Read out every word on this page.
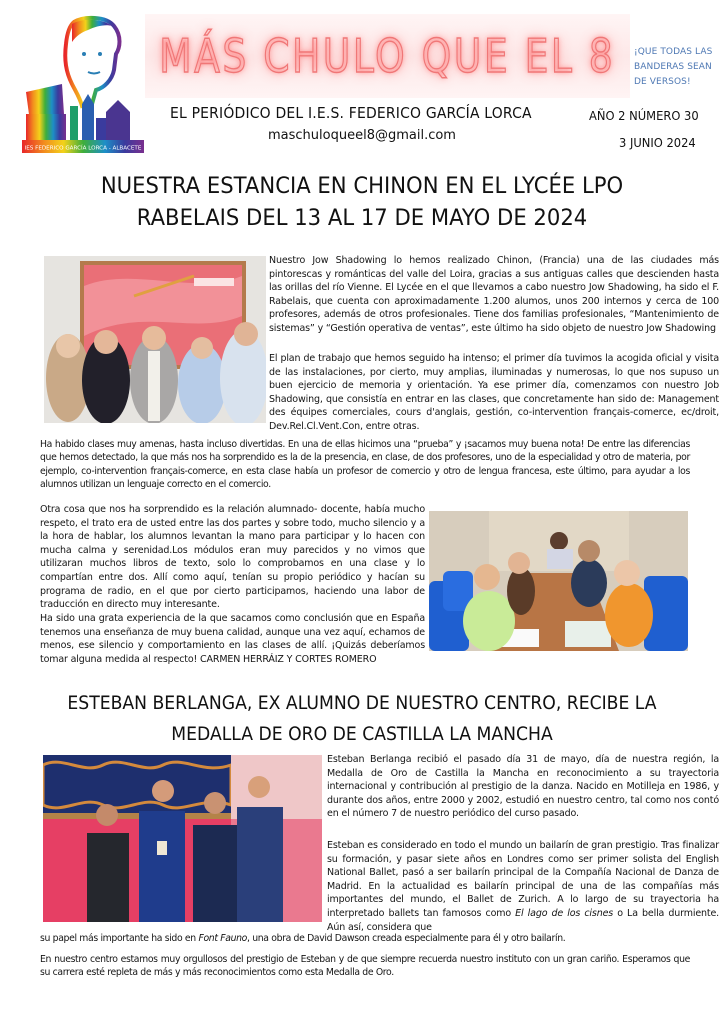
IES FEDERICO GARCÍA LORCA - ALBACETE
MÁS CHULO QUE EL 8 ¡QUE TODAS LAS
BANDERAS SEAN
DE VERSOS!
EL PERIÓDICO DEL I.E.S. FEDERICO GARCÍA LORCA
maschuloqueel8@gmail.com
AÑO 2 NÚMERO 30
3 JUNIO 2024
NUESTRA ESTANCIA EN CHINON EN EL LYCÉE LPO
RABELAIS DEL 13 AL 17 DE MAYO DE 2024
Nuestro Jow Shadowing lo hemos realizado Chinon, (Francia) una de las ciudades más pintorescas y románticas del valle del Loira, gracias a sus antiguas calles que descienden hasta las orillas del río Vienne. El Lycée en el que llevamos a cabo nuestro Jow Shadowing, ha sido el F. Rabelais, que cuenta con aproximadamente 1.200 alumos, unos 200 internos y cerca de 100 profesores, además de otros profesionales. Tiene dos familias profesionales, “Mantenimiento de sistemas” y “Gestión operativa de ventas”, este último ha sido objeto de nuestro Jow Shadowing
El plan de trabajo que hemos seguido ha intenso; el primer día tuvimos la acogida oficial y visita de las instalaciones, por cierto, muy amplias, iluminadas y numerosas, lo que nos supuso un buen ejercicio de memoria y orientación. Ya ese primer día, comenzamos con nuestro Job Shadowing, que consistía en entrar en las clases, que concretamente han sido de: Management des équipes comerciales, cours d'anglais, gestión, co-intervention français-comerce, ec/droit, Dev.Rel.Cl.Vent.Con, entre otras.
Ha habido clases muy amenas, hasta incluso divertidas. En una de ellas hicimos una “prueba” y ¡sacamos muy buena nota! De entre las diferencias que hemos detectado, la que más nos ha sorprendido es la de la presencia, en clase, de dos profesores, uno de la especialidad y otro de materia, por ejemplo, co-intervention français-comerce, en esta clase había un profesor de comercio y otro de lengua francesa, este último, para ayudar a los alumnos utilizan un lenguaje correcto en el comercio.
Otra cosa que nos ha sorprendido es la relación alumnado- docente, había mucho respeto, el trato era de usted entre las dos partes y sobre todo, mucho silencio y a la hora de hablar, los alumnos levantan la mano para participar y lo hacen con mucha calma y serenidad.Los módulos eran muy parecidos y no vimos que utilizaran muchos libros de texto, solo lo comprobamos en una clase y lo compartían entre dos. Allí como aquí, tenían su propio periódico y hacían su programa de radio, en el que por cierto participamos, haciendo una labor de traducción en directo muy interesante.
Ha sido una grata experiencia de la que sacamos como conclusión que en España tenemos una enseñanza de muy buena calidad, aunque una vez aquí, echamos de menos, ese silencio y comportamiento en las clases de allí. ¡Quizás deberíamos tomar alguna medida al respecto! CARMEN HERRÁIZ Y CORTES ROMERO
ESTEBAN BERLANGA, EX ALUMNO DE NUESTRO CENTRO, RECIBE LA
MEDALLA DE ORO DE CASTILLA LA MANCHA
Esteban Berlanga recibió el pasado día 31 de mayo, día de nuestra región, la Medalla de Oro de Castilla la Mancha en reconocimiento a su trayectoria internacional y contribución al prestigio de la danza. Nacido en Motilleja en 1986, y durante dos años, entre 2000 y 2002, estudió en nuestro centro, tal como nos contó en el número 7 de nuestro periódico del curso pasado.
Esteban es considerado en todo el mundo un bailarín de gran prestigio. Tras finalizar su formación, y pasar siete años en Londres como ser primer solista del English National Ballet, pasó a ser bailarín principal de la Compañía Nacional de Danza de Madrid. En la actualidad es bailarín principal de una de las compañías más importantes del mundo, el Ballet de Zurich. A lo largo de su trayectoria ha interpretado ballets tan famosos como El lago de los cisnes o La bella durmiente. Aún así, considera que
su papel más importante ha sido en Font Fauno, una obra de David Dawson creada especialmente para él y otro bailarín.
En nuestro centro estamos muy orgullosos del prestigio de Esteban y de que siempre recuerda nuestro instituto con un gran cariño. Esperamos que su carrera esté repleta de más y más reconocimientos como esta Medalla de Oro.
